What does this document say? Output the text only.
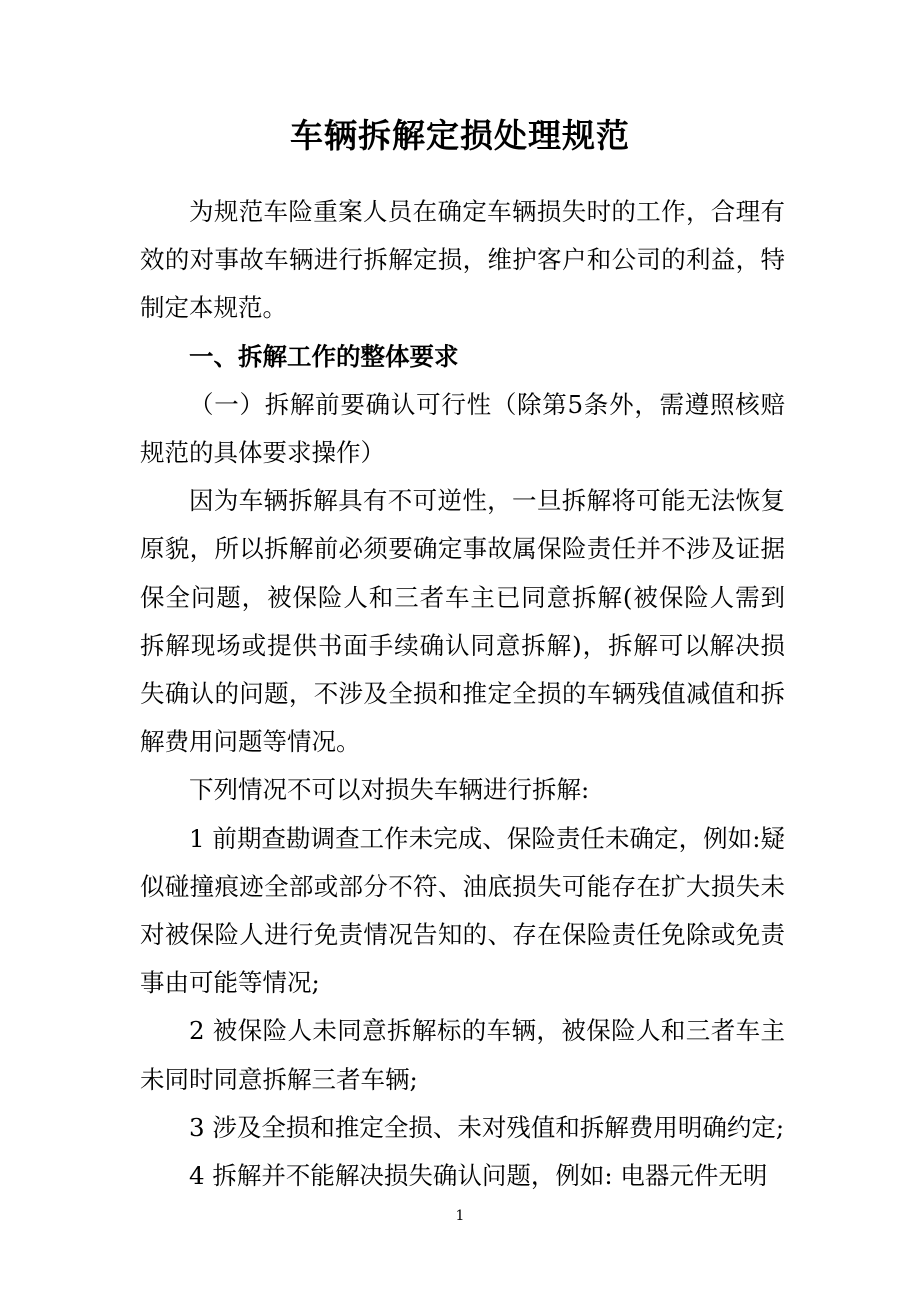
车辆拆解定损处理规范

为规范车险重案人员在确定车辆损失时的工作，合理有效的对事故车辆进行拆解定损，维护客户和公司的利益，特制定本规范。

一、拆解工作的整体要求

（一）拆解前要确认可行性（除第5条外，需遵照核赔规范的具体要求操作）

因为车辆拆解具有不可逆性，一旦拆解将可能无法恢复原貌，所以拆解前必须要确定事故属保险责任并不涉及证据保全问题，被保险人和三者车主已同意拆解(被保险人需到拆解现场或提供书面手续确认同意拆解)，拆解可以解决损失确认的问题，不涉及全损和推定全损的车辆残值减值和拆解费用问题等情况。

下列情况不可以对损失车辆进行拆解:

1 前期查勘调查工作未完成、保险责任未确定，例如:疑似碰撞痕迹全部或部分不符、油底损失可能存在扩大损失未对被保险人进行免责情况告知的、存在保险责任免除或免责事由可能等情况;

2 被保险人未同意拆解标的车辆，被保险人和三者车主未同时同意拆解三者车辆;

3 涉及全损和推定全损、未对残值和拆解费用明确约定;

4 拆解并不能解决损失确认问题，例如: 电器元件无明

1
